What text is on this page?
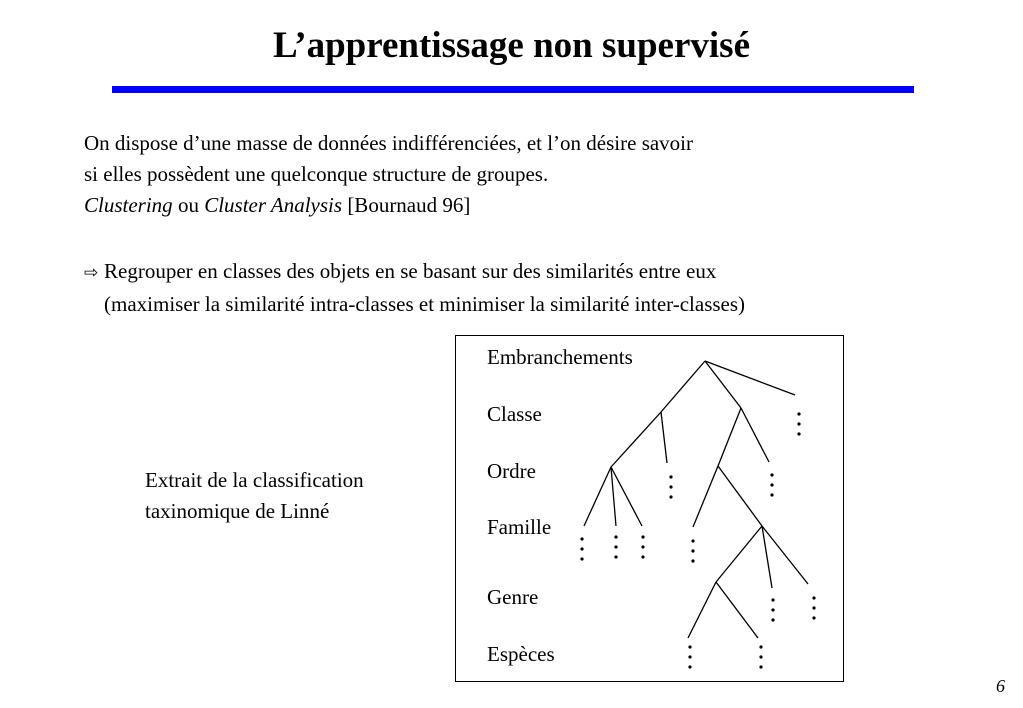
L’apprentissage non supervisé
On dispose d’une masse de données indifférenciées, et l’on désire savoir
si elles possèdent une quelconque structure de groupes.
Clustering ou Cluster Analysis [Bournaud 96]
⇨ Regrouper en classes des objets en se basant sur des similarités entre eux
(maximiser la similarité intra-classes et minimiser la similarité inter-classes)
Extrait de la classification
taxinomique de Linné
Embranchements
Classe
Ordre
Famille
Genre
Espèces
6
